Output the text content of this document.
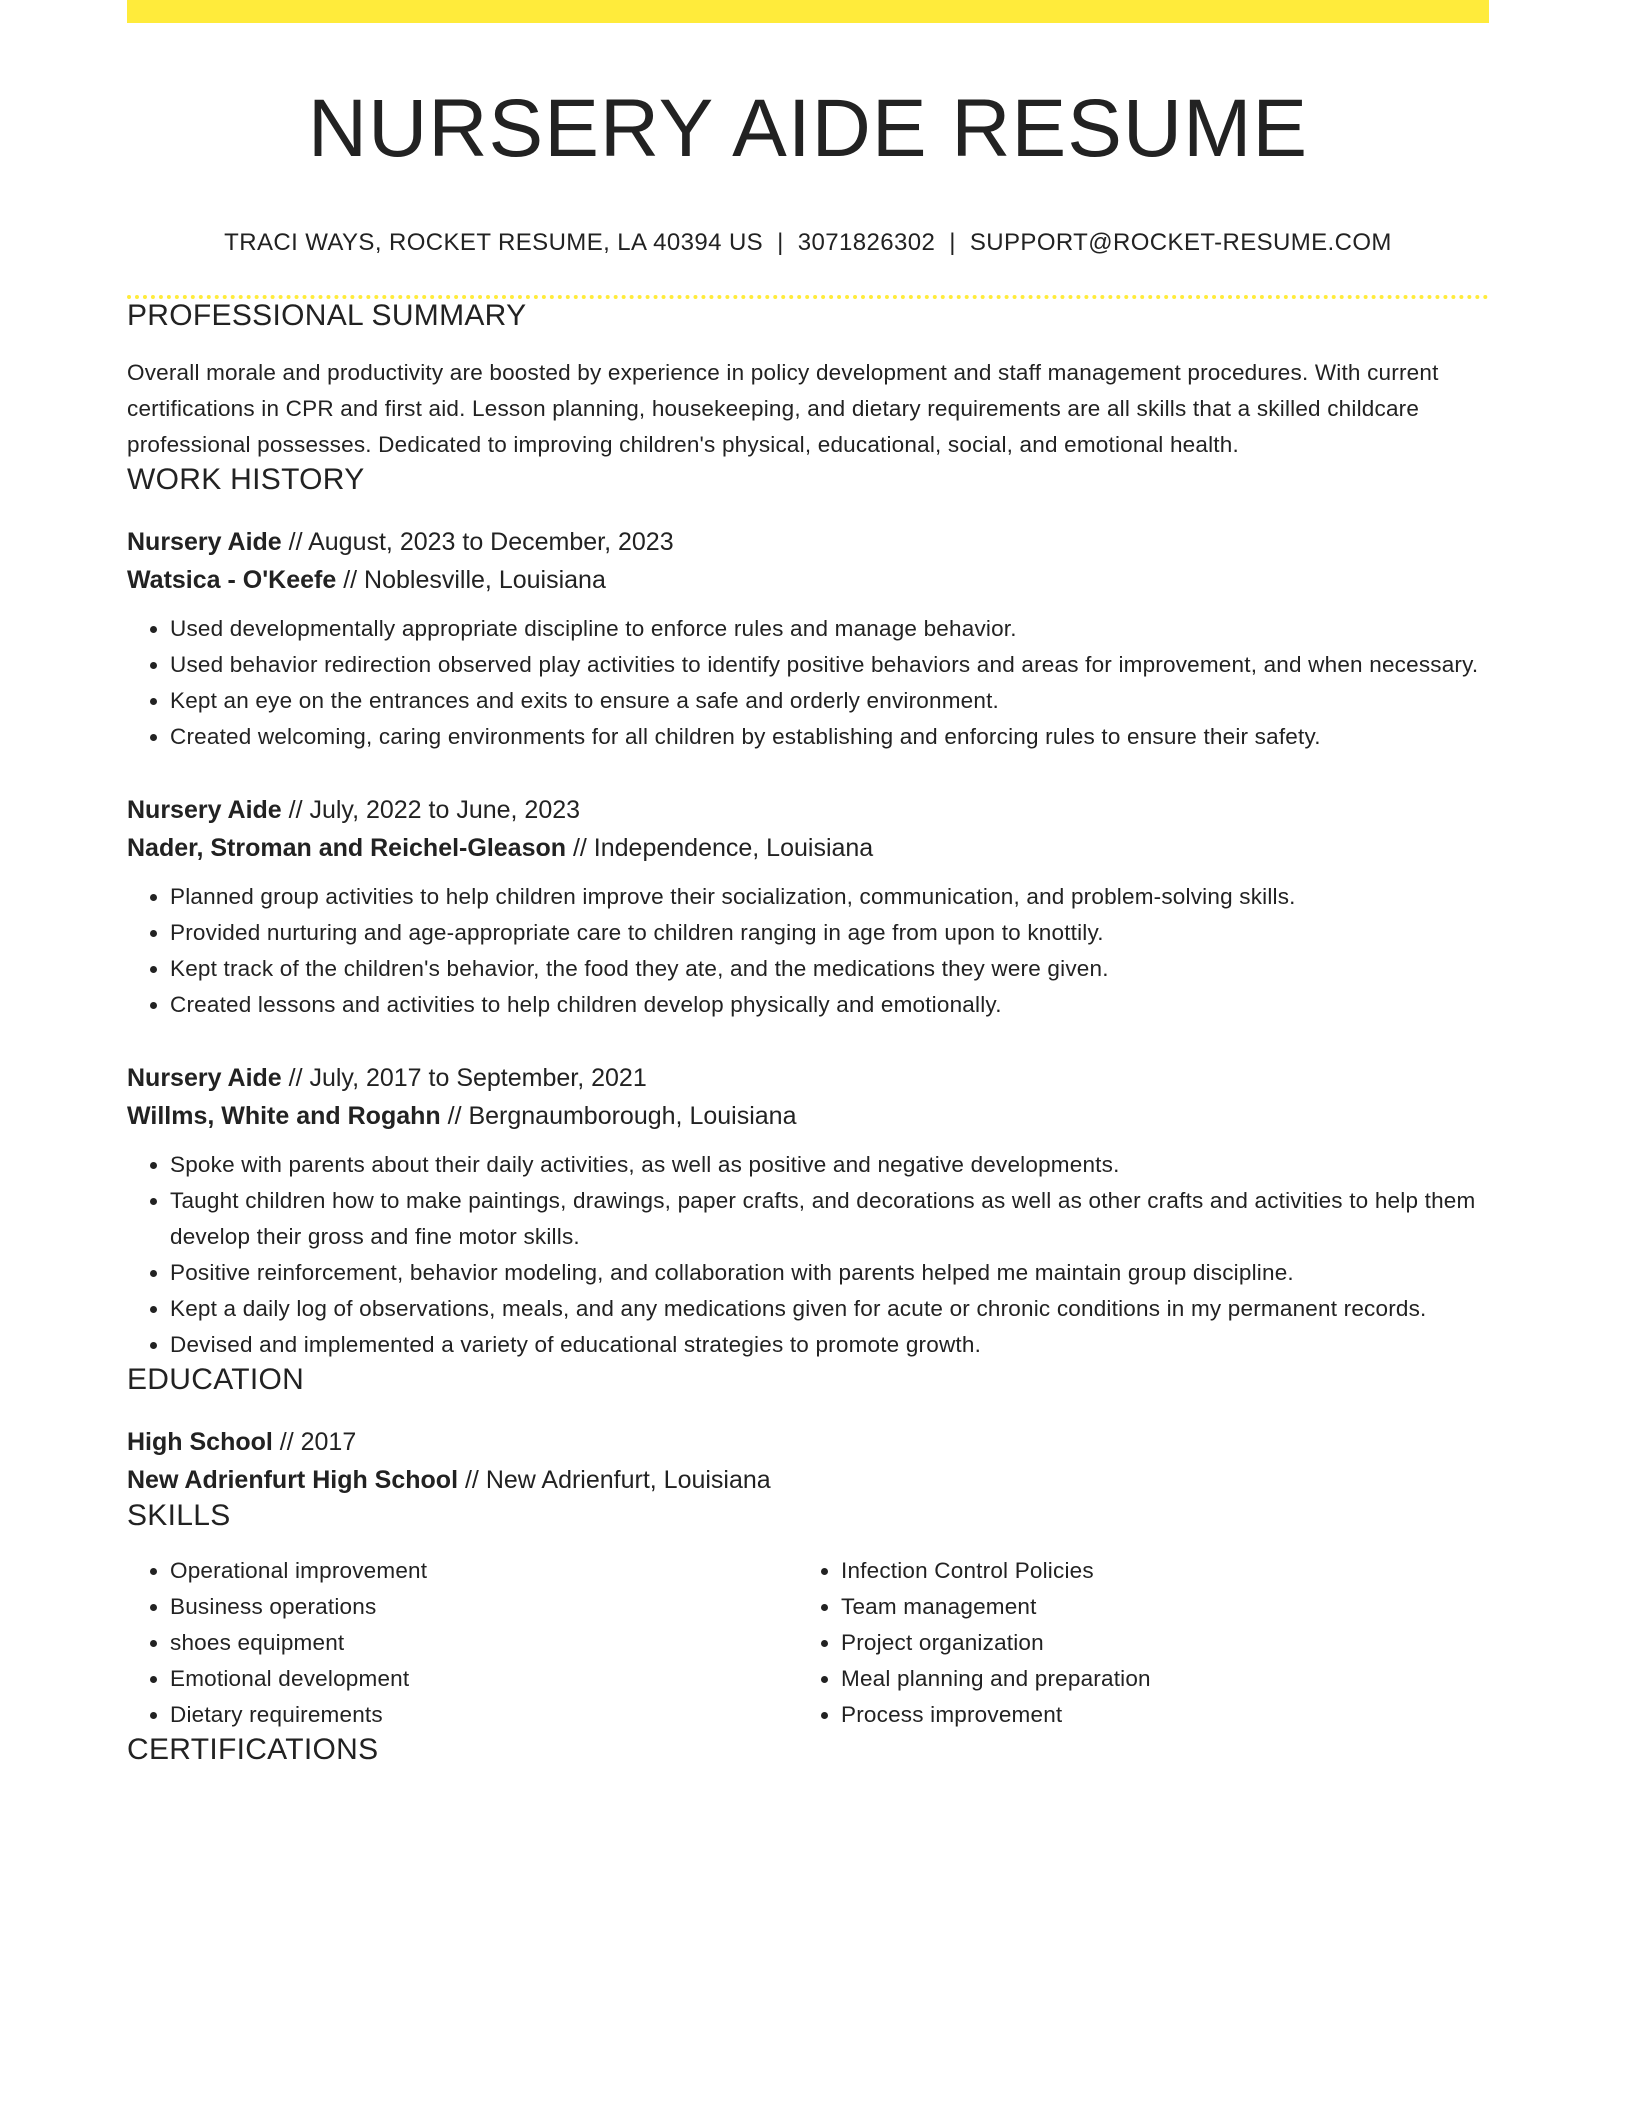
NURSERY AIDE RESUME
TRACI WAYS, ROCKET RESUME, LA 40394 US | 3071826302 | SUPPORT@ROCKET-RESUME.COM
PROFESSIONAL SUMMARY
Overall morale and productivity are boosted by experience in policy development and staff management procedures. With current certifications in CPR and first aid. Lesson planning, housekeeping, and dietary requirements are all skills that a skilled childcare professional possesses. Dedicated to improving children's physical, educational, social, and emotional health.
WORK HISTORY
Nursery Aide // August, 2023 to December, 2023
Watsica - O'Keefe // Noblesville, Louisiana
• Used developmentally appropriate discipline to enforce rules and manage behavior.
• Used behavior redirection observed play activities to identify positive behaviors and areas for improvement, and when necessary.
• Kept an eye on the entrances and exits to ensure a safe and orderly environment.
• Created welcoming, caring environments for all children by establishing and enforcing rules to ensure their safety.
Nursery Aide // July, 2022 to June, 2023
Nader, Stroman and Reichel-Gleason // Independence, Louisiana
• Planned group activities to help children improve their socialization, communication, and problem-solving skills.
• Provided nurturing and age-appropriate care to children ranging in age from upon to knottily.
• Kept track of the children's behavior, the food they ate, and the medications they were given.
• Created lessons and activities to help children develop physically and emotionally.
Nursery Aide // July, 2017 to September, 2021
Willms, White and Rogahn // Bergnaumborough, Louisiana
• Spoke with parents about their daily activities, as well as positive and negative developments.
• Taught children how to make paintings, drawings, paper crafts, and decorations as well as other crafts and activities to help them develop their gross and fine motor skills.
• Positive reinforcement, behavior modeling, and collaboration with parents helped me maintain group discipline.
• Kept a daily log of observations, meals, and any medications given for acute or chronic conditions in my permanent records.
• Devised and implemented a variety of educational strategies to promote growth.
EDUCATION
High School // 2017
New Adrienfurt High School // New Adrienfurt, Louisiana
SKILLS
• Operational improvement
• Business operations
• shoes equipment
• Emotional development
• Dietary requirements
• Infection Control Policies
• Team management
• Project organization
• Meal planning and preparation
• Process improvement
CERTIFICATIONS
